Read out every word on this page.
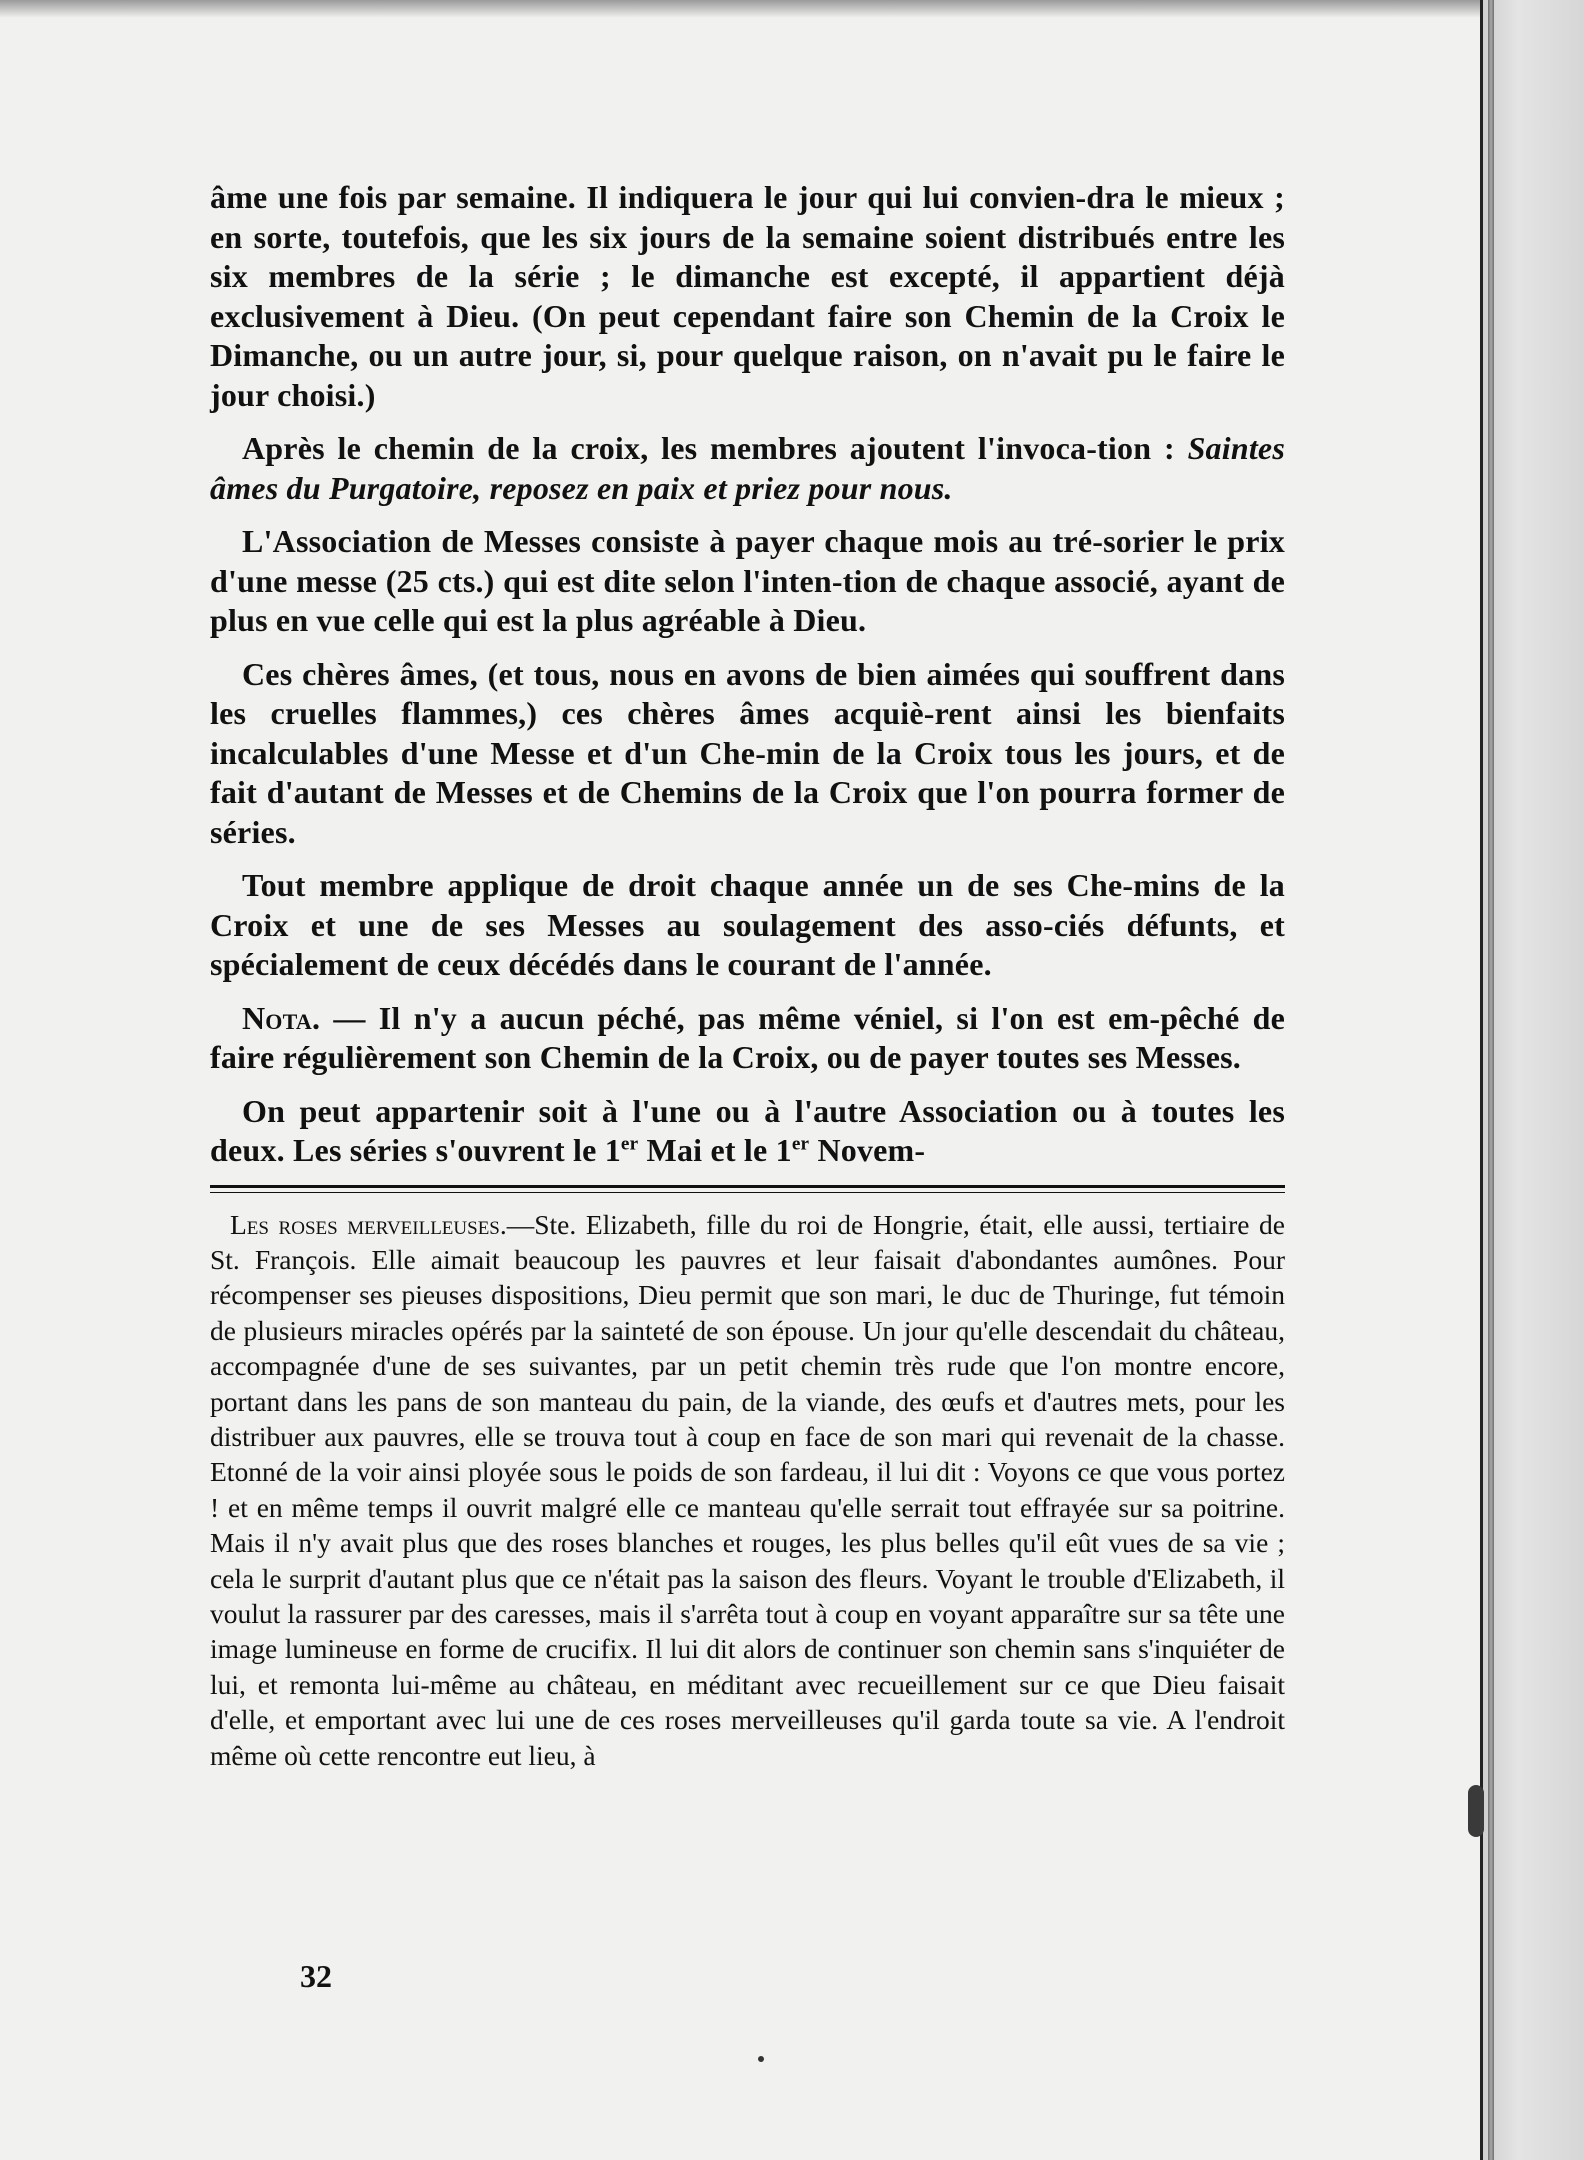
âme une fois par semaine. Il indiquera le jour qui lui convien-dra le mieux ; en sorte, toutefois, que les six jours de la semaine soient distribués entre les six membres de la série ; le dimanche est excepté, il appartient déjà exclusivement à Dieu. (On peut cependant faire son Chemin de la Croix le Dimanche, ou un autre jour, si, pour quelque raison, on n'avait pu le faire le jour choisi.)

Après le chemin de la croix, les membres ajoutent l'invoca-tion : Saintes âmes du Purgatoire, reposez en paix et priez pour nous.

L'Association de Messes consiste à payer chaque mois au tré-sorier le prix d'une messe (25 cts.) qui est dite selon l'inten-tion de chaque associé, ayant de plus en vue celle qui est la plus agréable à Dieu.

Ces chères âmes, (et tous, nous en avons de bien aimées qui souffrent dans les cruelles flammes,) ces chères âmes acquiè-rent ainsi les bienfaits incalculables d'une Messe et d'un Che-min de la Croix tous les jours, et de fait d'autant de Messes et de Chemins de la Croix que l'on pourra former de séries.

Tout membre applique de droit chaque année un de ses Che-mins de la Croix et une de ses Messes au soulagement des asso-ciés défunts, et spécialement de ceux décédés dans le courant de l'année.

Nota. — Il n'y a aucun péché, pas même véniel, si l'on est em-pêché de faire régulièrement son Chemin de la Croix, ou de payer toutes ses Messes.

On peut appartenir soit à l'une ou à l'autre Association ou à toutes les deux. Les séries s'ouvrent le 1er Mai et le 1er Novem-

Les roses merveilleuses.—Ste. Elizabeth, fille du roi de Hongrie, était, elle aussi, tertiaire de St. François. Elle aimait beaucoup les pauvres et leur faisait d'abondantes aumônes. Pour récompenser ses pieuses dispositions, Dieu permit que son mari, le duc de Thuringe, fut témoin de plusieurs miracles opérés par la sainteté de son épouse. Un jour qu'elle descendait du château, accompagnée d'une de ses suivantes, par un petit chemin très rude que l'on montre encore, portant dans les pans de son manteau du pain, de la viande, des œufs et d'autres mets, pour les distribuer aux pauvres, elle se trouva tout à coup en face de son mari qui revenait de la chasse. Etonné de la voir ainsi ployée sous le poids de son fardeau, il lui dit : Voyons ce que vous portez ! et en même temps il ouvrit malgré elle ce manteau qu'elle serrait tout effrayée sur sa poitrine. Mais il n'y avait plus que des roses blanches et rouges, les plus belles qu'il eût vues de sa vie ; cela le surprit d'autant plus que ce n'était pas la saison des fleurs. Voyant le trouble d'Elizabeth, il voulut la rassurer par des caresses, mais il s'arrêta tout à coup en voyant apparaître sur sa tête une image lumineuse en forme de crucifix. Il lui dit alors de continuer son chemin sans s'inquiéter de lui, et remonta lui-même au château, en méditant avec recueillement sur ce que Dieu faisait d'elle, et emportant avec lui une de ces roses merveilleuses qu'il garda toute sa vie. A l'endroit même où cette rencontre eut lieu, à

32
